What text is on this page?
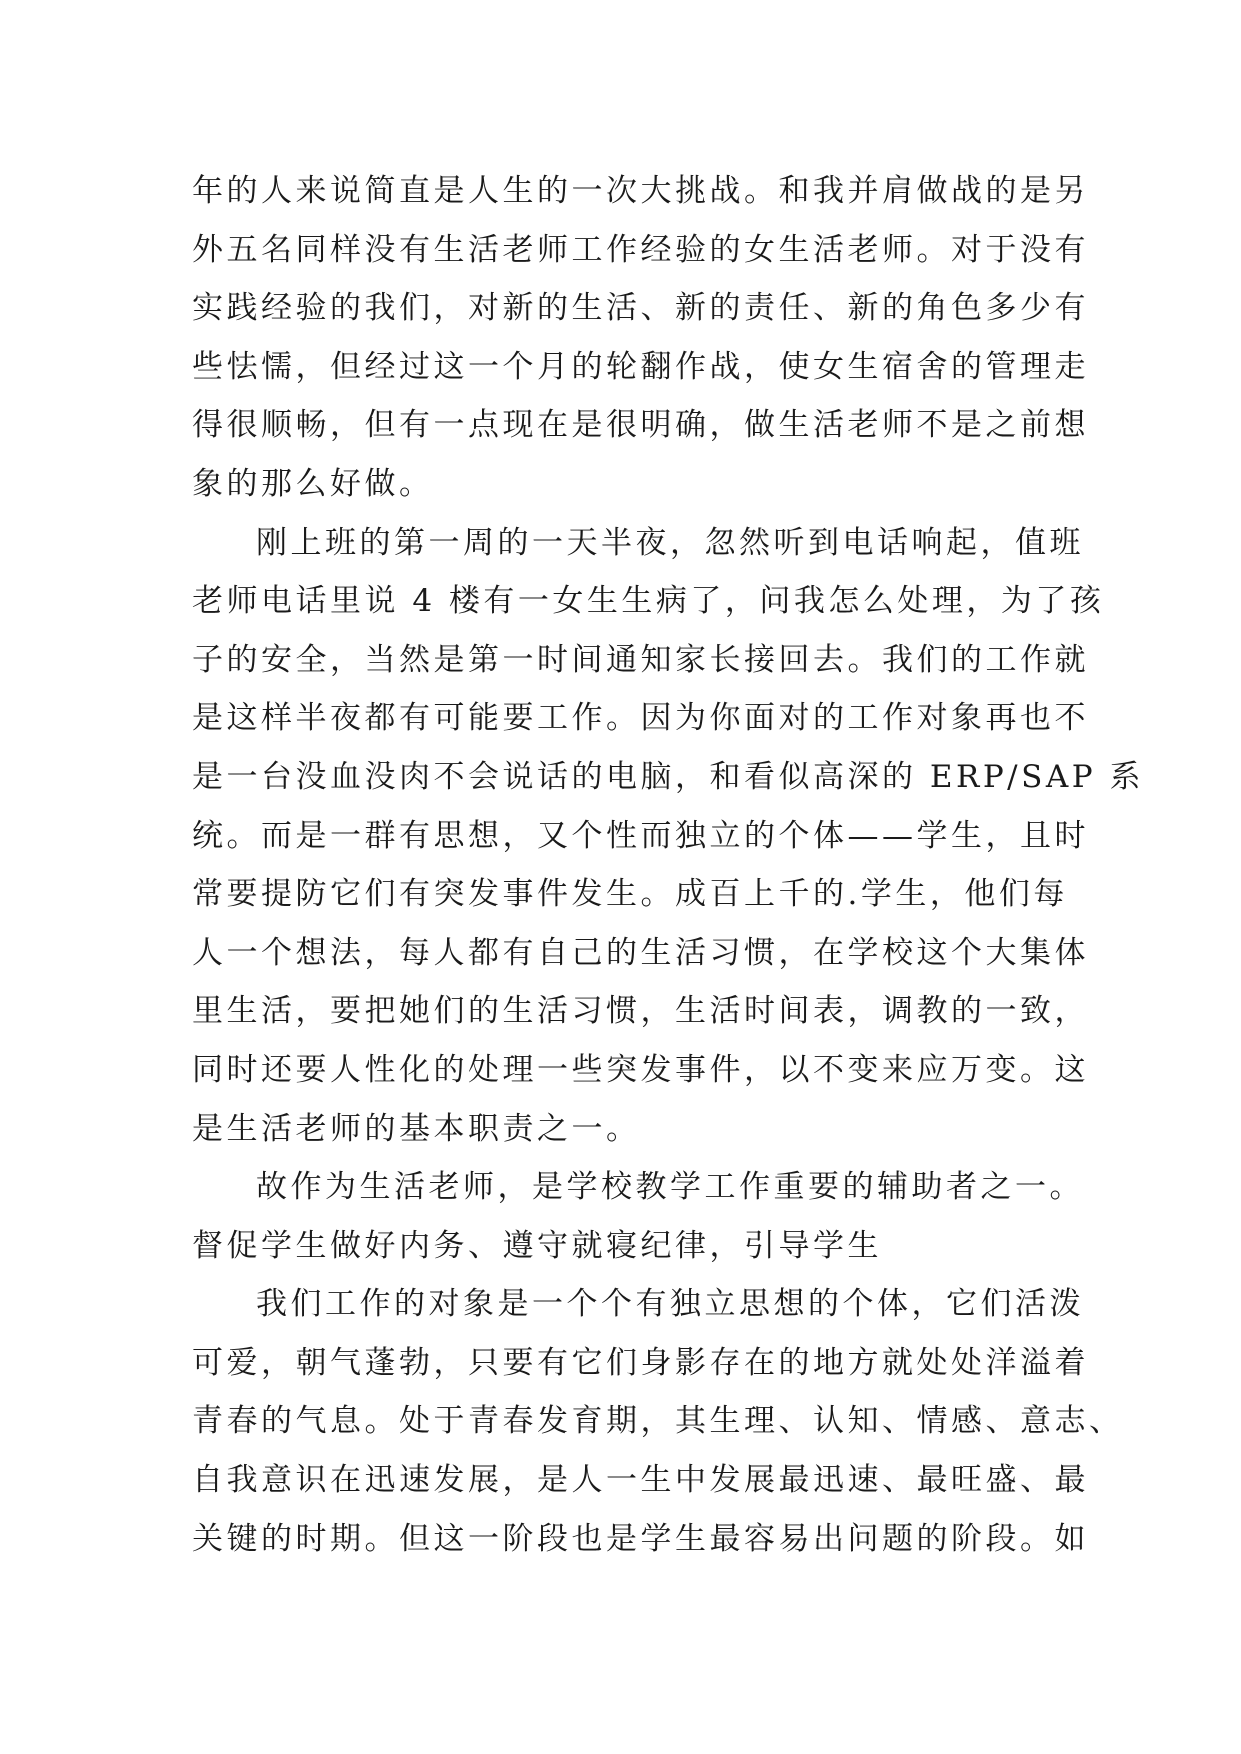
年的人来说简直是人生的一次大挑战。和我并肩做战的是另
外五名同样没有生活老师工作经验的女生活老师。对于没有
实践经验的我们，对新的生活、新的责任、新的角色多少有
些怯懦，但经过这一个月的轮翻作战，使女生宿舍的管理走
得很顺畅，但有一点现在是很明确，做生活老师不是之前想
象的那么好做。
刚上班的第一周的一天半夜，忽然听到电话响起，值班
老师电话里说 4 楼有一女生生病了，问我怎么处理，为了孩
子的安全，当然是第一时间通知家长接回去。我们的工作就
是这样半夜都有可能要工作。因为你面对的工作对象再也不
是一台没血没肉不会说话的电脑，和看似高深的 ERP/SAP 系
统。而是一群有思想，又个性而独立的个体——学生，且时
常要提防它们有突发事件发生。成百上千的.学生，他们每
人一个想法，每人都有自己的生活习惯，在学校这个大集体
里生活，要把她们的生活习惯，生活时间表，调教的一致，
同时还要人性化的处理一些突发事件，以不变来应万变。这
是生活老师的基本职责之一。
故作为生活老师，是学校教学工作重要的辅助者之一。
督促学生做好内务、遵守就寝纪律，引导学生
我们工作的对象是一个个有独立思想的个体，它们活泼
可爱，朝气蓬勃，只要有它们身影存在的地方就处处洋溢着
青春的气息。处于青春发育期，其生理、认知、情感、意志、
自我意识在迅速发展，是人一生中发展最迅速、最旺盛、最
关键的时期。但这一阶段也是学生最容易出问题的阶段。如
